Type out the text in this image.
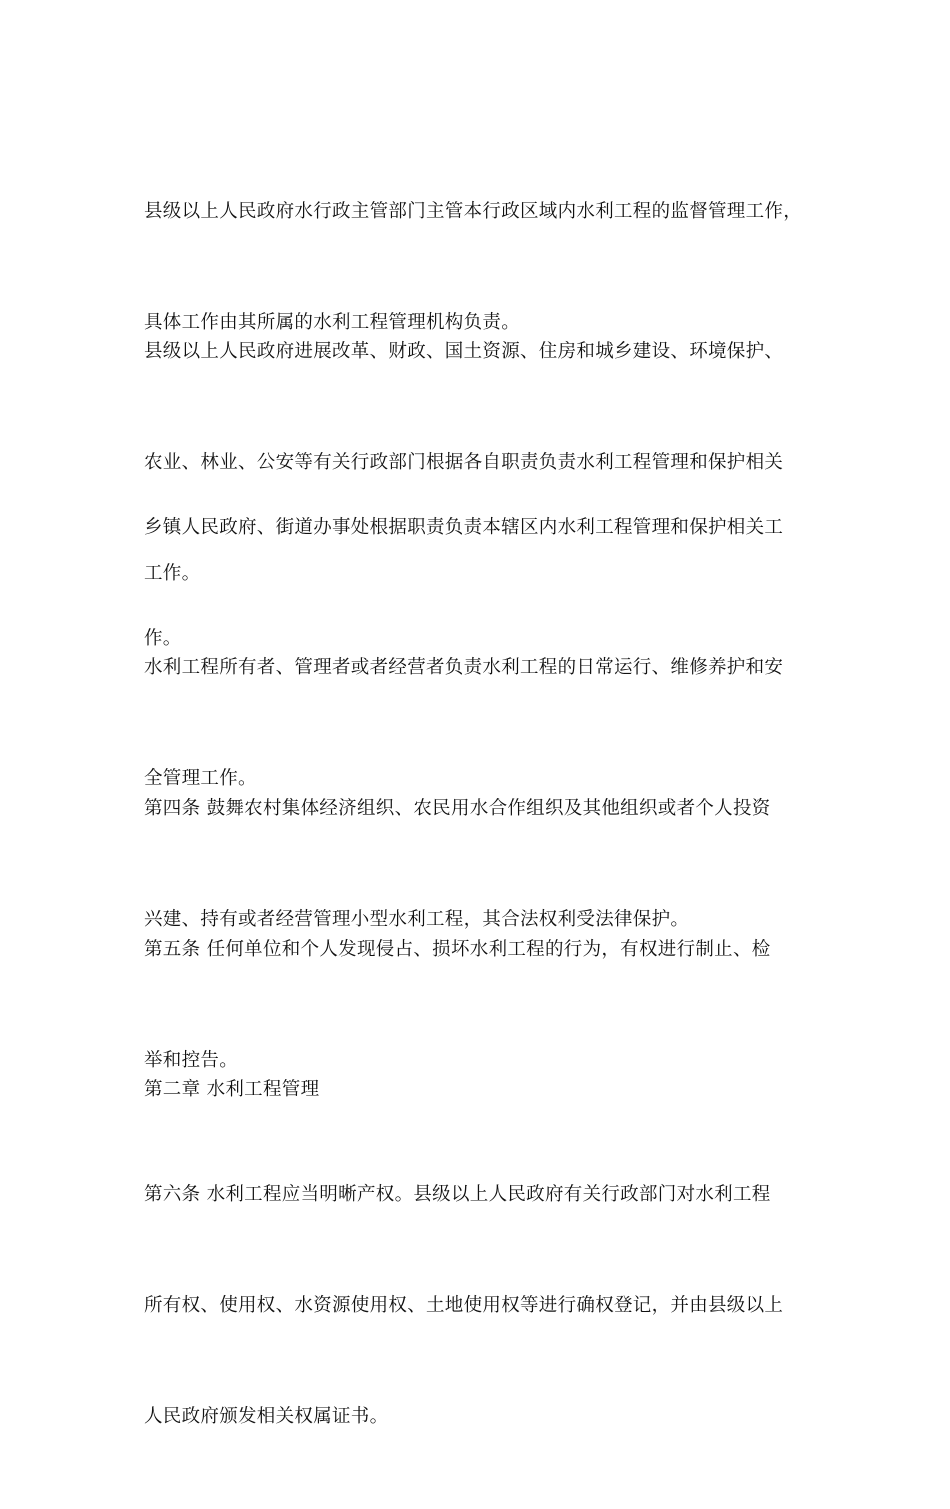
县级以上人民政府水行政主管部门主管本行政区域内水利工程的监督管理工作，

具体工作由其所属的水利工程管理机构负责。

县级以上人民政府进展改革、财政、国土资源、住房和城乡建设、环境保护、

农业、林业、公安等有关行政部门根据各自职责负责水利工程管理和保护相关

工作。

乡镇人民政府、街道办事处根据职责负责本辖区内水利工程管理和保护相关工

作。

水利工程所有者、管理者或者经营者负责水利工程的日常运行、维修养护和安

全管理工作。

第四条 鼓舞农村集体经济组织、农民用水合作组织及其他组织或者个人投资

兴建、持有或者经营管理小型水利工程，其合法权利受法律保护。

第五条 任何单位和个人发现侵占、损坏水利工程的行为，有权进行制止、检

举和控告。

第二章 水利工程管理

第六条 水利工程应当明晰产权。县级以上人民政府有关行政部门对水利工程

所有权、使用权、水资源使用权、土地使用权等进行确权登记，并由县级以上

人民政府颁发相关权属证书。
